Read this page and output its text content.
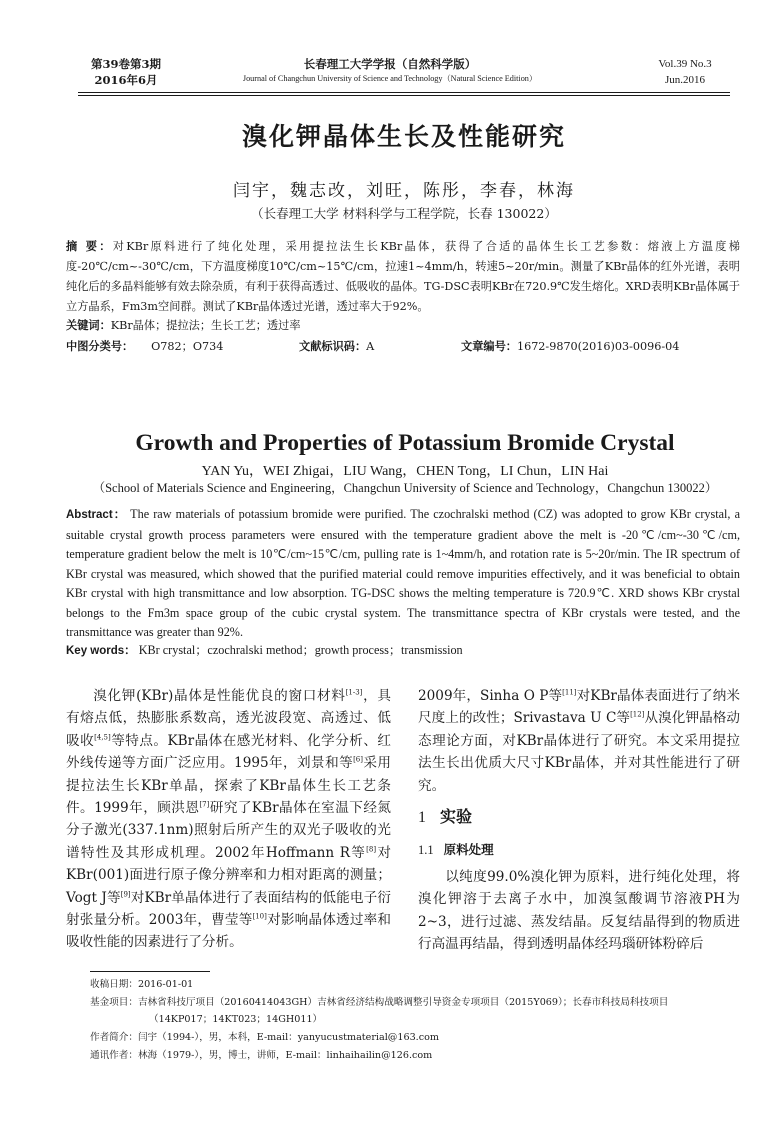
第39卷第3期
2016年6月
长春理工大学学报（自然科学版）
Journal of Changchun University of Science and Technology（Natural Science Edition）
Vol.39 No.3
Jun.2016
溴化钾晶体生长及性能研究
闫宇，魏志改，刘旺，陈彤，李春，林海
（长春理工大学 材料科学与工程学院，长春 130022）
摘 要：对KBr原料进行了纯化处理，采用提拉法生长KBr晶体，获得了合适的晶体生长工艺参数：熔液上方温度梯度-20℃/cm~-30℃/cm，下方温度梯度10℃/cm~15℃/cm，拉速1~4mm/h，转速5~20r/min。测量了KBr晶体的红外光谱，表明纯化后的多晶料能够有效去除杂质，有利于获得高透过、低吸收的晶体。TG-DSC表明KBr在720.9℃发生熔化。XRD表明KBr晶体属于立方晶系，Fm3m空间群。测试了KBr晶体透过光谱，透过率大于92%。
关键词：KBr晶体；提拉法；生长工艺；透过率
中图分类号： O782；O734	文献标识码：A	文章编号：1672-9870(2016)03-0096-04
Growth and Properties of Potassium Bromide Crystal
YAN Yu，WEI Zhigai，LIU Wang，CHEN Tong，LI Chun，LIN Hai
（School of Materials Science and Engineering，Changchun University of Science and Technology，Changchun 130022）
Abstract： The raw materials of potassium bromide were purified. The czochralski method (CZ) was adopted to grow KBr crystal, a suitable crystal growth process parameters were ensured with the temperature gradient above the melt is -20℃/cm~-30℃/cm, temperature gradient below the melt is 10℃/cm~15℃/cm, pulling rate is 1~4mm/h, and rotation rate is 5~20r/min. The IR spectrum of KBr crystal was measured, which showed that the purified material could remove impurities effectively, and it was beneficial to obtain KBr crystal with high transmittance and low absorption. TG-DSC shows the melting temperature is 720.9℃. XRD shows KBr crystal belongs to the Fm3m space group of the cubic crystal system. The transmittance spectra of KBr crystals were tested, and the transmittance was greater than 92%.
Key words： KBr crystal；czochralski method；growth process；transmission

溴化钾(KBr)晶体是性能优良的窗口材料[1-3]，具有熔点低，热膨胀系数高，透光波段宽、高透过、低吸收[4,5]等特点。KBr晶体在感光材料、化学分析、红外线传递等方面广泛应用。1995年，刘景和等[6]采用提拉法生长KBr单晶，探索了KBr晶体生长工艺条件。1999年，顾洪恩[7]研究了KBr晶体在室温下经氮分子激光(337.1nm)照射后所产生的双光子吸收的光谱特性及其形成机理。2002年Hoffmann R等[8]对KBr(001)面进行原子像分辨率和力相对距离的测量；Vogt J等[9]对KBr单晶体进行了表面结构的低能电子衍射张量分析。2003年，曹莹等[10]对影响晶体透过率和吸收性能的因素进行了分析。

2009年，Sinha O P等[11]对KBr晶体表面进行了纳米尺度上的改性；Srivastava U C等[12]从溴化钾晶格动态理论方面，对KBr晶体进行了研究。本文采用提拉法生长出优质大尺寸KBr晶体，并对其性能进行了研究。

1 实验
1.1 原料处理

以纯度99.0%溴化钾为原料，进行纯化处理，将溴化钾溶于去离子水中，加溴氢酸调节溶液PH为2~3，进行过滤、蒸发结晶。反复结晶得到的物质进行高温再结晶，得到透明晶体经玛瑙研钵粉碎后

收稿日期：2016-01-01
基金项目：吉林省科技厅项目（20160414043GH）吉林省经济结构战略调整引导资金专项项目（2015Y069）；长春市科技局科技项目
（14KP017；14KT023；14GH011）
作者简介：闫宇（1994-），男，本科，E-mail：yanyucustmaterial@163.com
通讯作者：林海（1979-），男，博士，讲师，E-mail：linhaihailin@126.com
